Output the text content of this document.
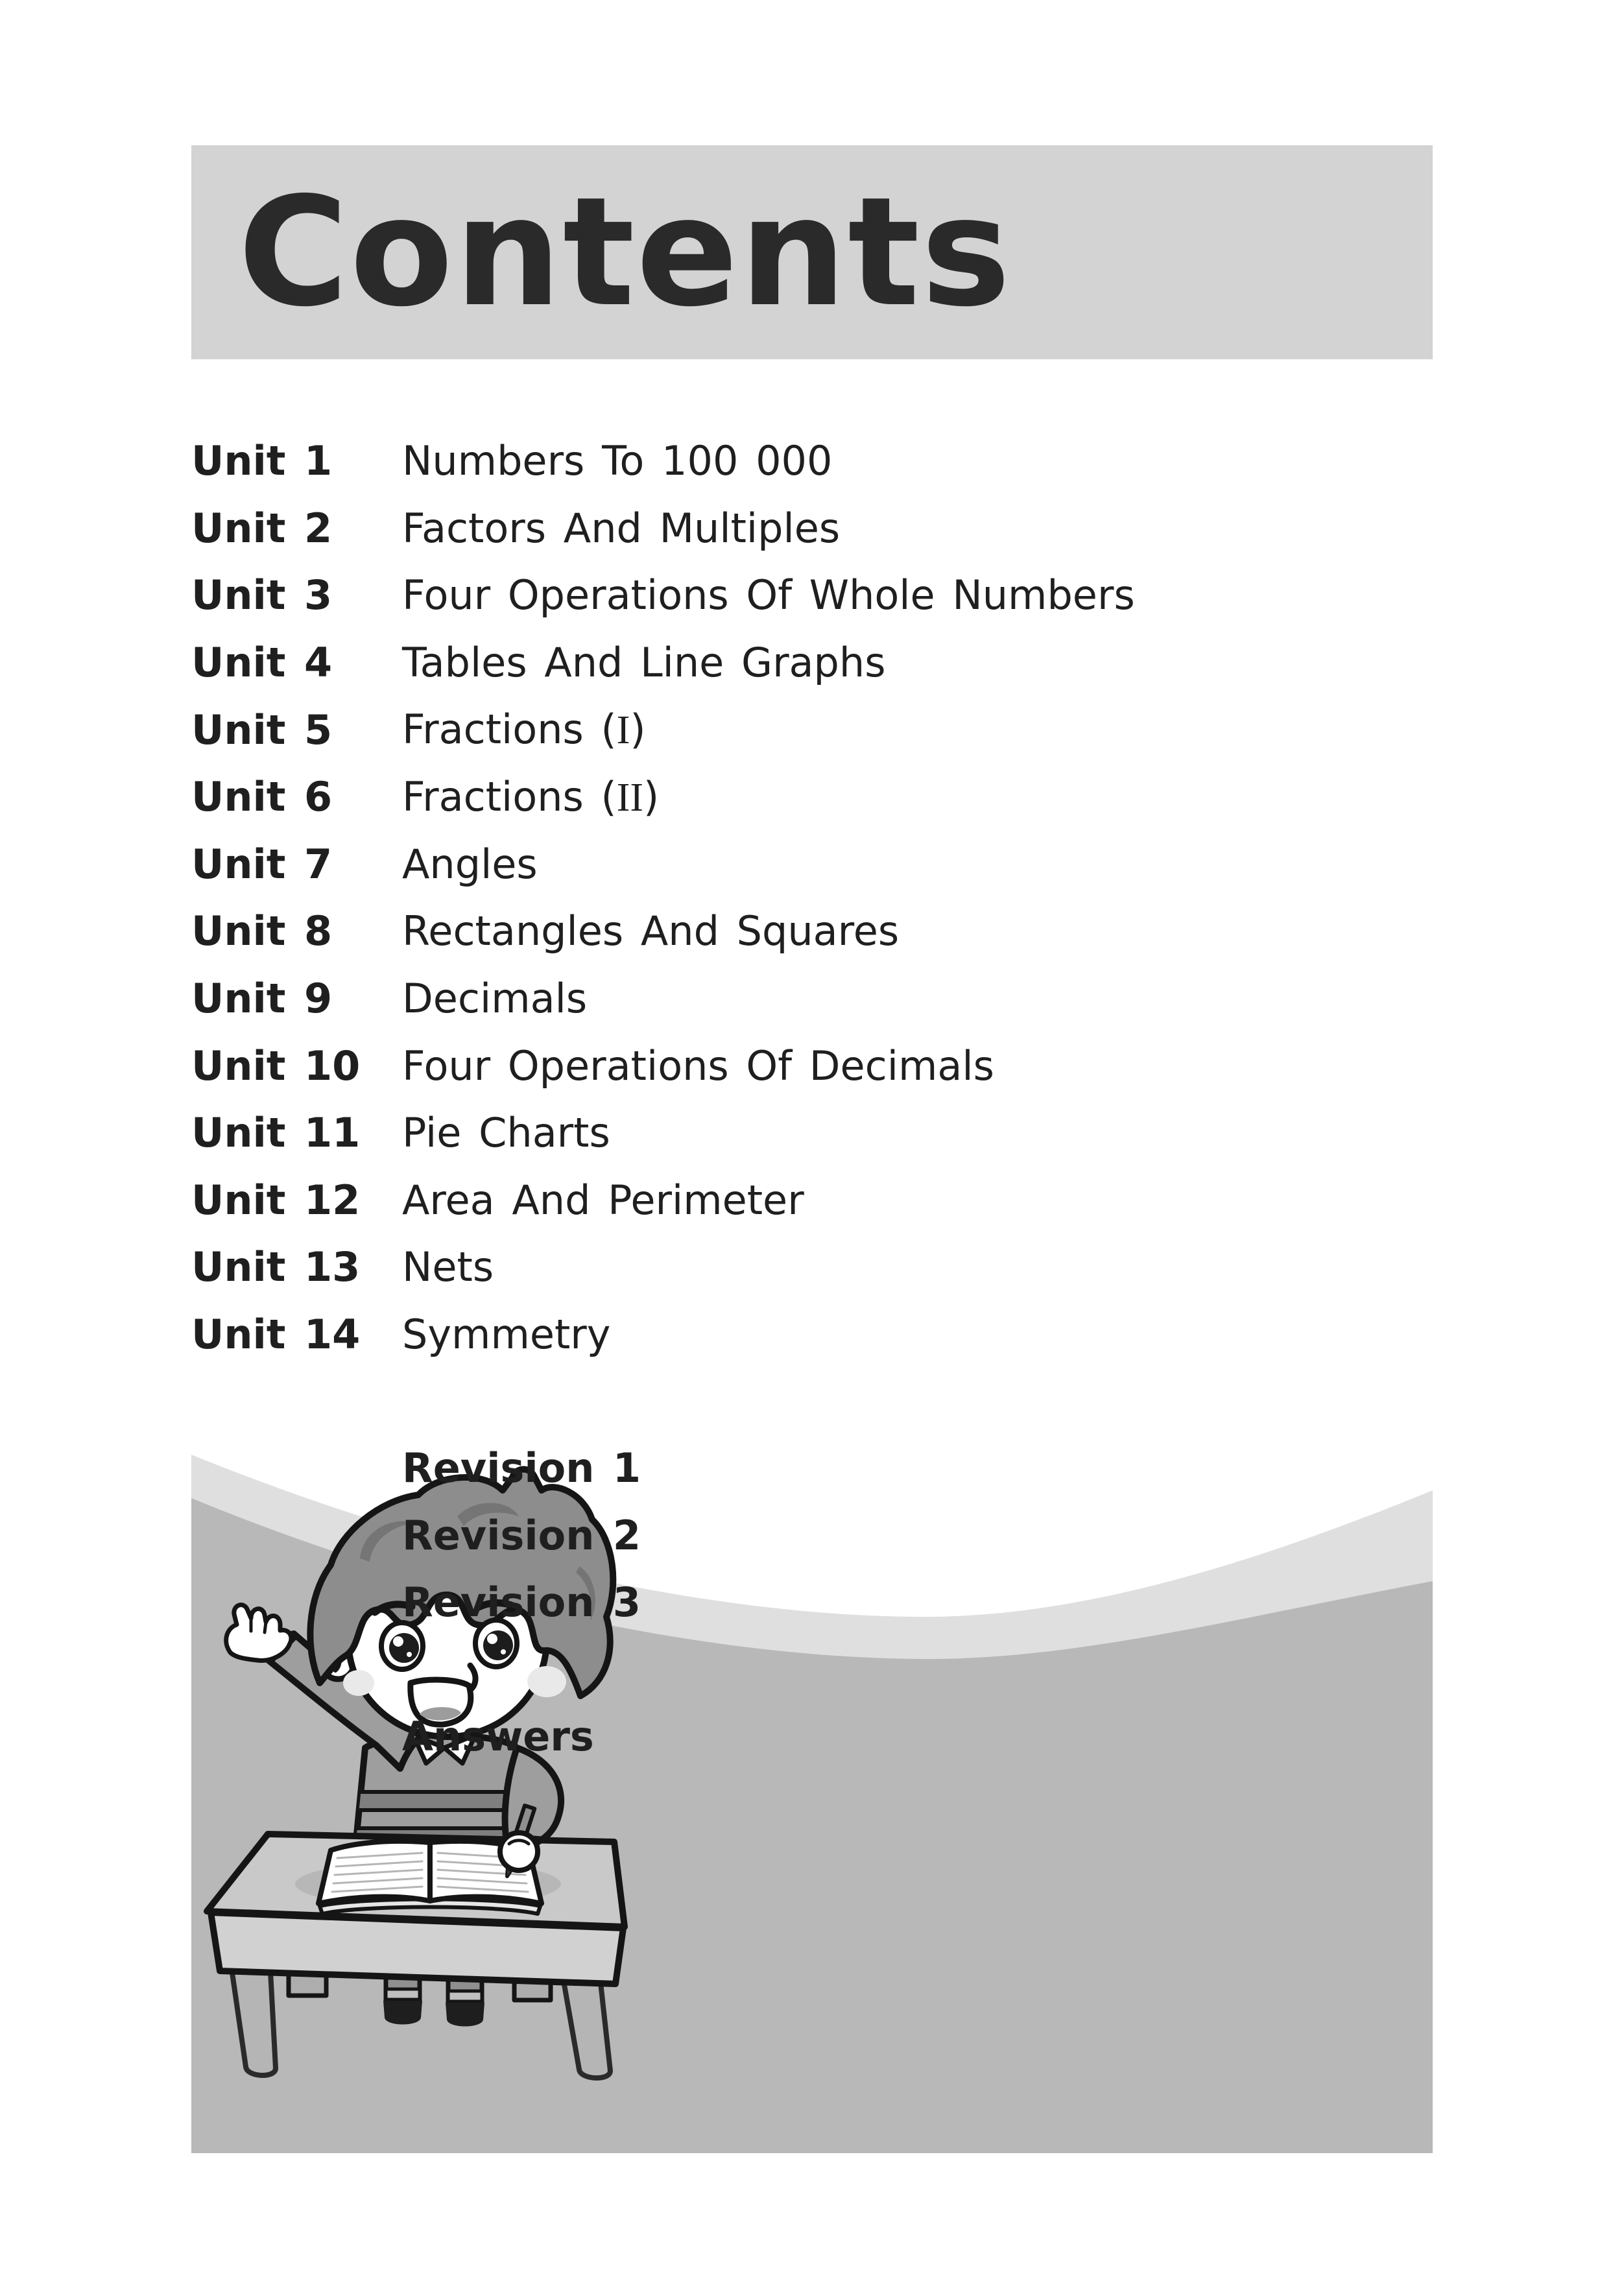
Contents
Unit 1	Numbers To 100 000
Unit 2	Factors And Multiples
Unit 3	Four Operations Of Whole Numbers
Unit 4	Tables And Line Graphs
Unit 5	Fractions (I)
Unit 6	Fractions (II)
Unit 7	Angles
Unit 8	Rectangles And Squares
Unit 9	Decimals
Unit 10	Four Operations Of Decimals
Unit 11	Pie Charts
Unit 12	Area And Perimeter
Unit 13	Nets
Unit 14	Symmetry
Revision 1
Revision 2
Revision 3
Answers
